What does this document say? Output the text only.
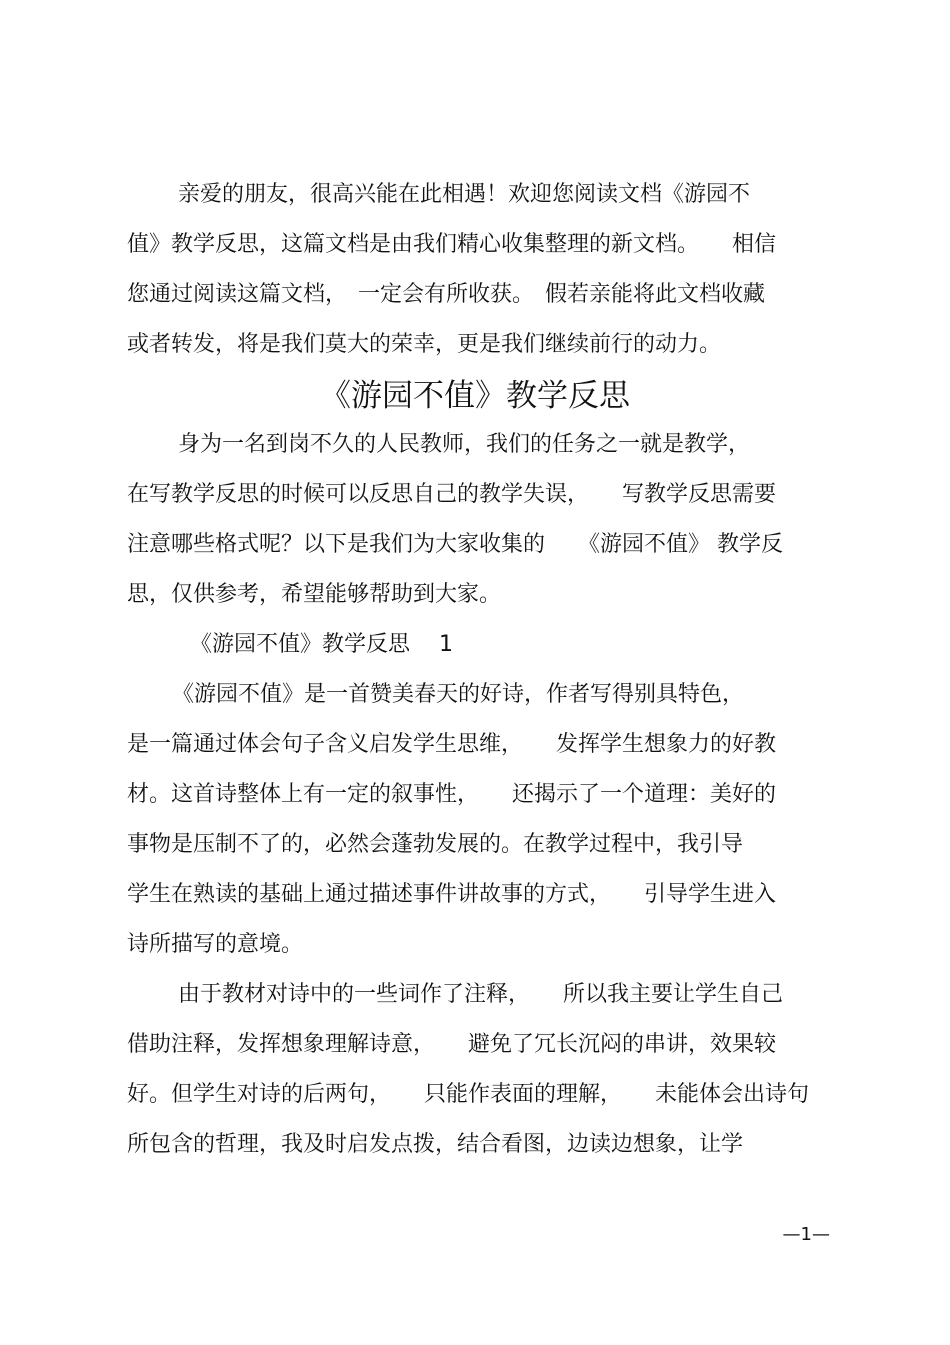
亲爱的朋友，很高兴能在此相遇！欢迎您阅读文档《游园不
值》教学反思，这篇文档是由我们精心收集整理的新文档。　　相信
您通过阅读这篇文档，　一定会有所收获。　假若亲能将此文档收藏
或者转发，将是我们莫大的荣幸，更是我们继续前行的动力。
《游园不值》教学反思
身为一名到岗不久的人民教师，我们的任务之一就是教学，
在写教学反思的时候可以反思自己的教学失误，　　写教学反思需要
注意哪些格式呢？以下是我们为大家收集的　　《游园不值》 教学反
思，仅供参考，希望能够帮助到大家。
《游园不值》教学反思　 1
《游园不值》是一首赞美春天的好诗，作者写得别具特色，
是一篇通过体会句子含义启发学生思维，　　发挥学生想象力的好教
材。这首诗整体上有一定的叙事性，　　还揭示了一个道理：美好的
事物是压制不了的，必然会蓬勃发展的。在教学过程中，我引导
学生在熟读的基础上通过描述事件讲故事的方式，　　引导学生进入
诗所描写的意境。
由于教材对诗中的一些词作了注释，　　所以我主要让学生自己
借助注释，发挥想象理解诗意，　　避免了冗长沉闷的串讲，效果较
好。但学生对诗的后两句，　　只能作表面的理解，　　未能体会出诗句
所包含的哲理，我及时启发点拨，结合看图，边读边想象，让学
—1—
